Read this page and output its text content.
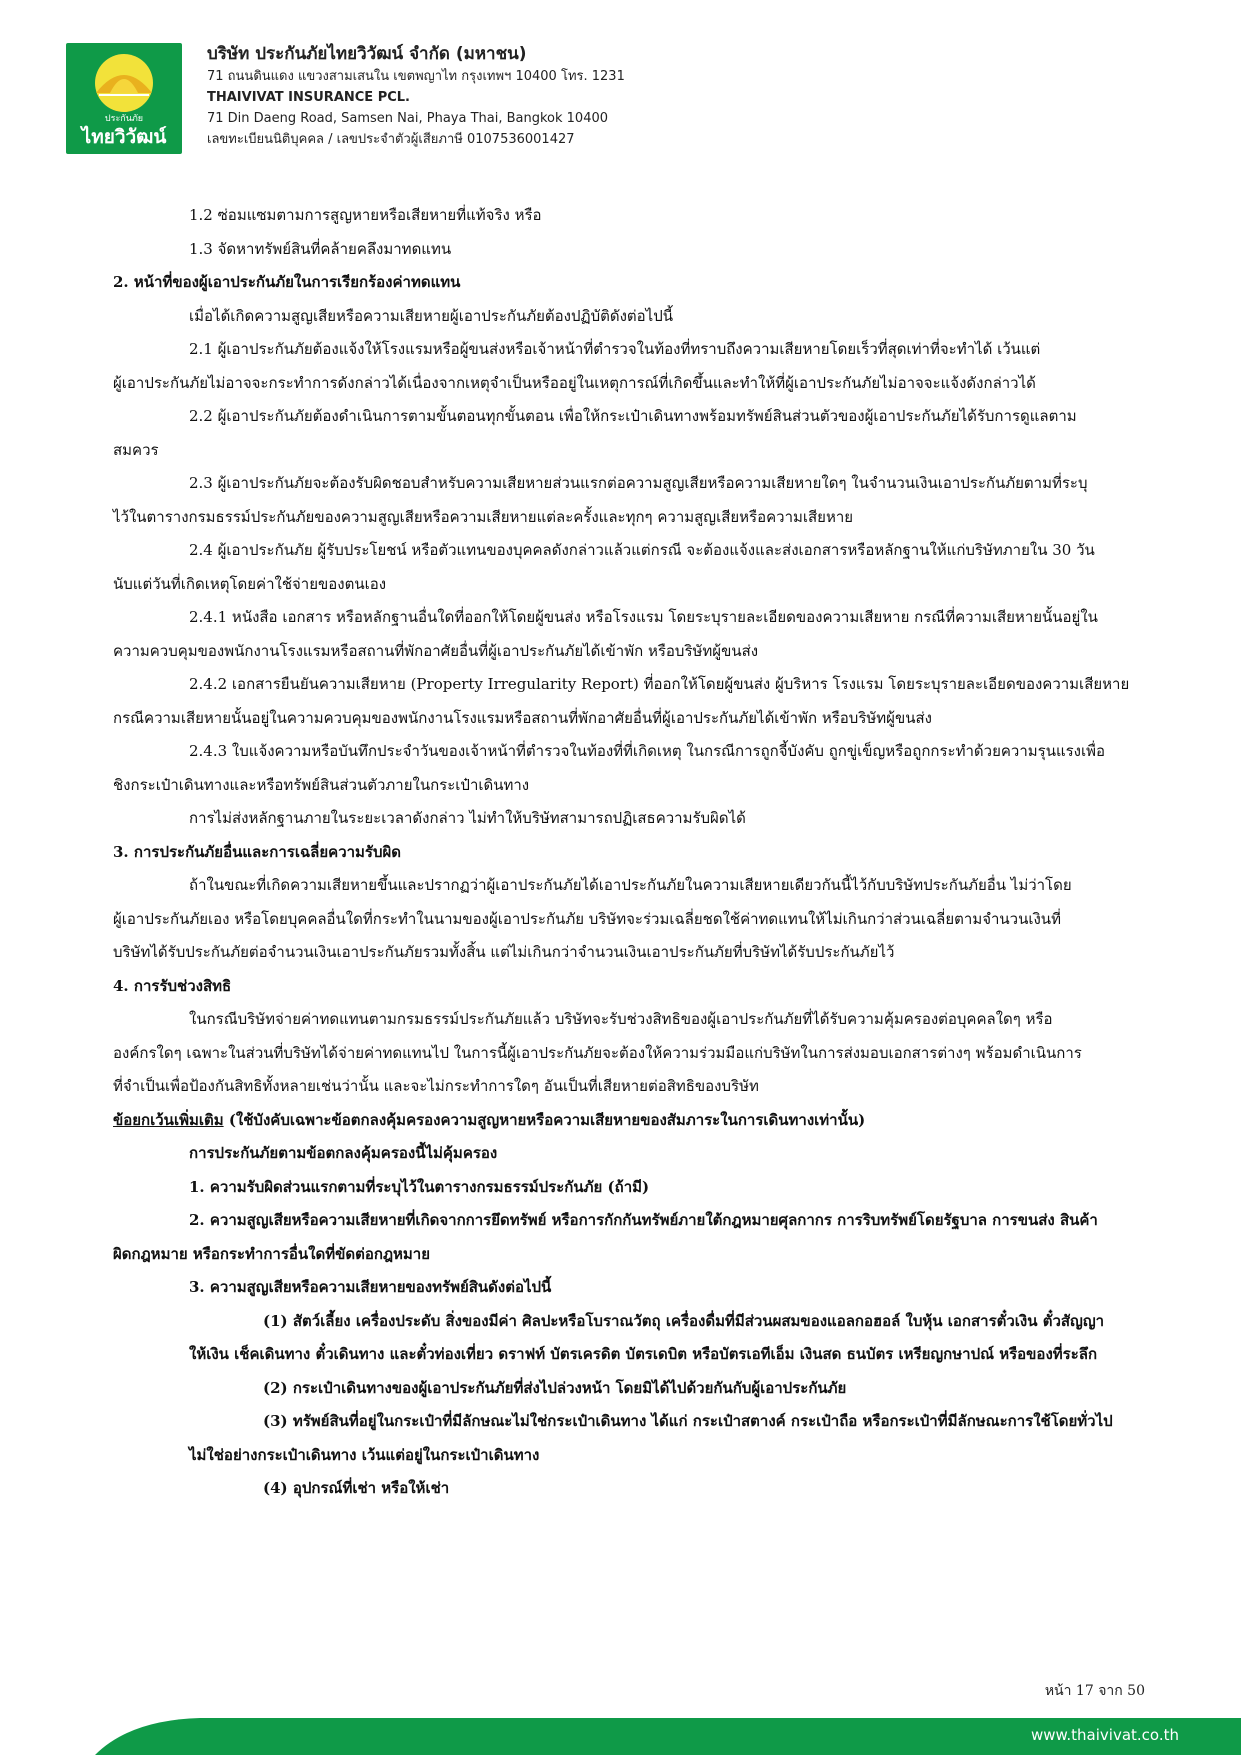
ประกันภัย
ไทยวิวัฒน์
บริษัท ประกันภัยไทยวิวัฒน์ จำกัด (มหาชน)
71 ถนนดินแดง แขวงสามเสนใน เขตพญาไท กรุงเทพฯ 10400 โทร. 1231
THAIVIVAT INSURANCE PCL.
71 Din Daeng Road, Samsen Nai, Phaya Thai, Bangkok 10400
เลขทะเบียนนิติบุคคล / เลขประจำตัวผู้เสียภาษี 0107536001427
1.2 ซ่อมแซมตามการสูญหายหรือเสียหายที่แท้จริง หรือ
1.3 จัดหาทรัพย์สินที่คล้ายคลึงมาทดแทน
2. หน้าที่ของผู้เอาประกันภัยในการเรียกร้องค่าทดแทน
เมื่อได้เกิดความสูญเสียหรือความเสียหายผู้เอาประกันภัยต้องปฏิบัติดังต่อไปนี้
2.1 ผู้เอาประกันภัยต้องแจ้งให้โรงแรมหรือผู้ขนส่งหรือเจ้าหน้าที่ตำรวจในท้องที่ทราบถึงความเสียหายโดยเร็วที่สุดเท่าที่จะทำได้ เว้นแต่
ผู้เอาประกันภัยไม่อาจจะกระทำการดังกล่าวได้เนื่องจากเหตุจำเป็นหรืออยู่ในเหตุการณ์ที่เกิดขึ้นและทำให้ที่ผู้เอาประกันภัยไม่อาจจะแจ้งดังกล่าวได้
2.2 ผู้เอาประกันภัยต้องดำเนินการตามขั้นตอนทุกขั้นตอน เพื่อให้กระเป๋าเดินทางพร้อมทรัพย์สินส่วนตัวของผู้เอาประกันภัยได้รับการดูแลตาม
สมควร
2.3 ผู้เอาประกันภัยจะต้องรับผิดชอบสำหรับความเสียหายส่วนแรกต่อความสูญเสียหรือความเสียหายใดๆ ในจำนวนเงินเอาประกันภัยตามที่ระบุ
ไว้ในตารางกรมธรรม์ประกันภัยของความสูญเสียหรือความเสียหายแต่ละครั้งและทุกๆ ความสูญเสียหรือความเสียหาย
2.4 ผู้เอาประกันภัย ผู้รับประโยชน์ หรือตัวแทนของบุคคลดังกล่าวแล้วแต่กรณี จะต้องแจ้งและส่งเอกสารหรือหลักฐานให้แก่บริษัทภายใน 30 วัน
นับแต่วันที่เกิดเหตุโดยค่าใช้จ่ายของตนเอง
2.4.1 หนังสือ เอกสาร หรือหลักฐานอื่นใดที่ออกให้โดยผู้ขนส่ง หรือโรงแรม โดยระบุรายละเอียดของความเสียหาย กรณีที่ความเสียหายนั้นอยู่ใน
ความควบคุมของพนักงานโรงแรมหรือสถานที่พักอาศัยอื่นที่ผู้เอาประกันภัยได้เข้าพัก หรือบริษัทผู้ขนส่ง
2.4.2 เอกสารยืนยันความเสียหาย (Property Irregularity Report) ที่ออกให้โดยผู้ขนส่ง ผู้บริหาร โรงแรม โดยระบุรายละเอียดของความเสียหาย
กรณีความเสียหายนั้นอยู่ในความควบคุมของพนักงานโรงแรมหรือสถานที่พักอาศัยอื่นที่ผู้เอาประกันภัยได้เข้าพัก หรือบริษัทผู้ขนส่ง
2.4.3 ใบแจ้งความหรือบันทึกประจำวันของเจ้าหน้าที่ตำรวจในท้องที่ที่เกิดเหตุ ในกรณีการถูกจี้บังคับ ถูกขู่เข็ญหรือถูกกระทำด้วยความรุนแรงเพื่อ
ชิงกระเป๋าเดินทางและหรือทรัพย์สินส่วนตัวภายในกระเป๋าเดินทาง
การไม่ส่งหลักฐานภายในระยะเวลาดังกล่าว ไม่ทำให้บริษัทสามารถปฏิเสธความรับผิดได้
3. การประกันภัยอื่นและการเฉลี่ยความรับผิด
ถ้าในขณะที่เกิดความเสียหายขึ้นและปรากฏว่าผู้เอาประกันภัยได้เอาประกันภัยในความเสียหายเดียวกันนี้ไว้กับบริษัทประกันภัยอื่น ไม่ว่าโดย
ผู้เอาประกันภัยเอง หรือโดยบุคคลอื่นใดที่กระทำในนามของผู้เอาประกันภัย บริษัทจะร่วมเฉลี่ยชดใช้ค่าทดแทนให้ไม่เกินกว่าส่วนเฉลี่ยตามจำนวนเงินที่
บริษัทได้รับประกันภัยต่อจำนวนเงินเอาประกันภัยรวมทั้งสิ้น แต่ไม่เกินกว่าจำนวนเงินเอาประกันภัยที่บริษัทได้รับประกันภัยไว้
4. การรับช่วงสิทธิ
ในกรณีบริษัทจ่ายค่าทดแทนตามกรมธรรม์ประกันภัยแล้ว บริษัทจะรับช่วงสิทธิของผู้เอาประกันภัยที่ได้รับความคุ้มครองต่อบุคคลใดๆ หรือ
องค์กรใดๆ เฉพาะในส่วนที่บริษัทได้จ่ายค่าทดแทนไป ในการนี้ผู้เอาประกันภัยจะต้องให้ความร่วมมือแก่บริษัทในการส่งมอบเอกสารต่างๆ พร้อมดำเนินการ
ที่จำเป็นเพื่อป้องกันสิทธิทั้งหลายเช่นว่านั้น และจะไม่กระทำการใดๆ อันเป็นที่เสียหายต่อสิทธิของบริษัท
ข้อยกเว้นเพิ่มเติม (ใช้บังคับเฉพาะข้อตกลงคุ้มครองความสูญหายหรือความเสียหายของสัมภาระในการเดินทางเท่านั้น)
การประกันภัยตามข้อตกลงคุ้มครองนี้ไม่คุ้มครอง
1. ความรับผิดส่วนแรกตามที่ระบุไว้ในตารางกรมธรรม์ประกันภัย (ถ้ามี)
2. ความสูญเสียหรือความเสียหายที่เกิดจากการยึดทรัพย์ หรือการกักกันทรัพย์ภายใต้กฎหมายศุลกากร การริบทรัพย์โดยรัฐบาล การขนส่ง สินค้า
ผิดกฎหมาย หรือกระทำการอื่นใดที่ขัดต่อกฎหมาย
3. ความสูญเสียหรือความเสียหายของทรัพย์สินดังต่อไปนี้
(1) สัตว์เลี้ยง เครื่องประดับ สิ่งของมีค่า ศิลปะหรือโบราณวัตถุ เครื่องดื่มที่มีส่วนผสมของแอลกอฮอล์ ใบหุ้น เอกสารตั๋วเงิน ตั๋วสัญญา
ให้เงิน เช็คเดินทาง ตั๋วเดินทาง และตั๋วท่องเที่ยว ดราฟท์ บัตรเครดิต บัตรเดบิต หรือบัตรเอทีเอ็ม เงินสด ธนบัตร เหรียญกษาปณ์ หรือของที่ระลึก
(2) กระเป๋าเดินทางของผู้เอาประกันภัยที่ส่งไปล่วงหน้า โดยมิได้ไปด้วยกันกับผู้เอาประกันภัย
(3) ทรัพย์สินที่อยู่ในกระเป๋าที่มีลักษณะไม่ใช่กระเป๋าเดินทาง ได้แก่ กระเป๋าสตางค์ กระเป๋าถือ หรือกระเป๋าที่มีลักษณะการใช้โดยทั่วไป
ไม่ใช่อย่างกระเป๋าเดินทาง เว้นแต่อยู่ในกระเป๋าเดินทาง
(4) อุปกรณ์ที่เช่า หรือให้เช่า
หน้า 17 จาก 50
www.thaivivat.co.th
